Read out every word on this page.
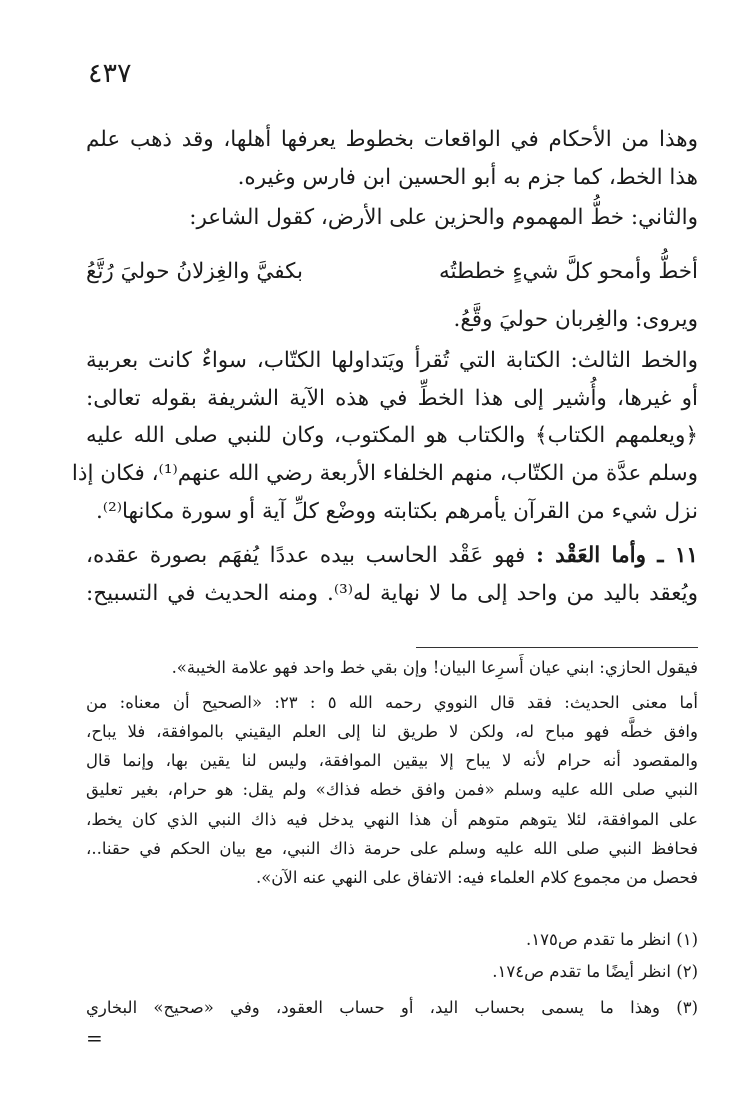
٤٣٧
وهذا من الأحكام في الواقعات بخطوط يعرفها أهلها، وقد ذهب علم
هذا الخط، كما جزم به أبو الحسين ابن فارس وغيره.
والثاني: خطُّ المهموم والحزين على الأرض، كقول الشاعر:
أخطُّ وأمحو كلَّ شيءٍ خططتُه
بكفيَّ والغِزلانُ حوليَ رُتَّعُ
ويروى: والغِربان حوليَ وقَّعُ.
والخط الثالث: الكتابة التي تُقرأ ويَتداولها الكتّاب، سواءٌ كانت بعربية
أو غيرها، وأُشير إلى هذا الخطِّ في هذه الآية الشريفة بقوله تعالى:
﴿ويعلمهم الكتاب﴾ والكتاب هو المكتوب، وكان للنبي صلى الله عليه
وسلم عدَّة من الكتّاب، منهم الخلفاء الأربعة رضي الله عنهم⁽¹⁾، فكان إذا
نزل شيء من القرآن يأمرهم بكتابته ووضْع كلِّ آية أو سورة مكانها⁽²⁾.
١١ ـ وأما العَقْد : فهو عَقْد الحاسب بيده عددًا يُفهَم بصورة عقده،
ويُعقد باليد من واحد إلى ما لا نهاية له⁽³⁾. ومنه الحديث في التسبيح:
فيقول الحازي: ابني عيان أَسرِعا البيان! وإن بقي خط واحد فهو علامة الخيبة».
أما معنى الحديث: فقد قال النووي رحمه الله ٥ : ٢٣: «الصحيح أن معناه: من
وافق خطَّه فهو مباح له، ولكن لا طريق لنا إلى العلم اليقيني بالموافقة، فلا يباح،
والمقصود أنه حرام لأنه لا يباح إلا بيقين الموافقة، وليس لنا يقين بها، وإنما قال
النبي صلى الله عليه وسلم «فمن وافق خطه فذاك» ولم يقل: هو حرام، بغير تعليق
على الموافقة، لئلا يتوهم متوهم أن هذا النهي يدخل فيه ذاك النبي الذي كان يخط،
فحافظ النبي صلى الله عليه وسلم على حرمة ذاك النبي، مع بيان الحكم في حقنا..،
فحصل من مجموع كلام العلماء فيه: الاتفاق على النهي عنه الآن».
(١) انظر ما تقدم ص١٧٥.
(٢) انظر أيضًا ما تقدم ص١٧٤.
(٣) وهذا ما يسمى بحساب اليد، أو حساب العقود، وفي «صحيح» البخاري
=
